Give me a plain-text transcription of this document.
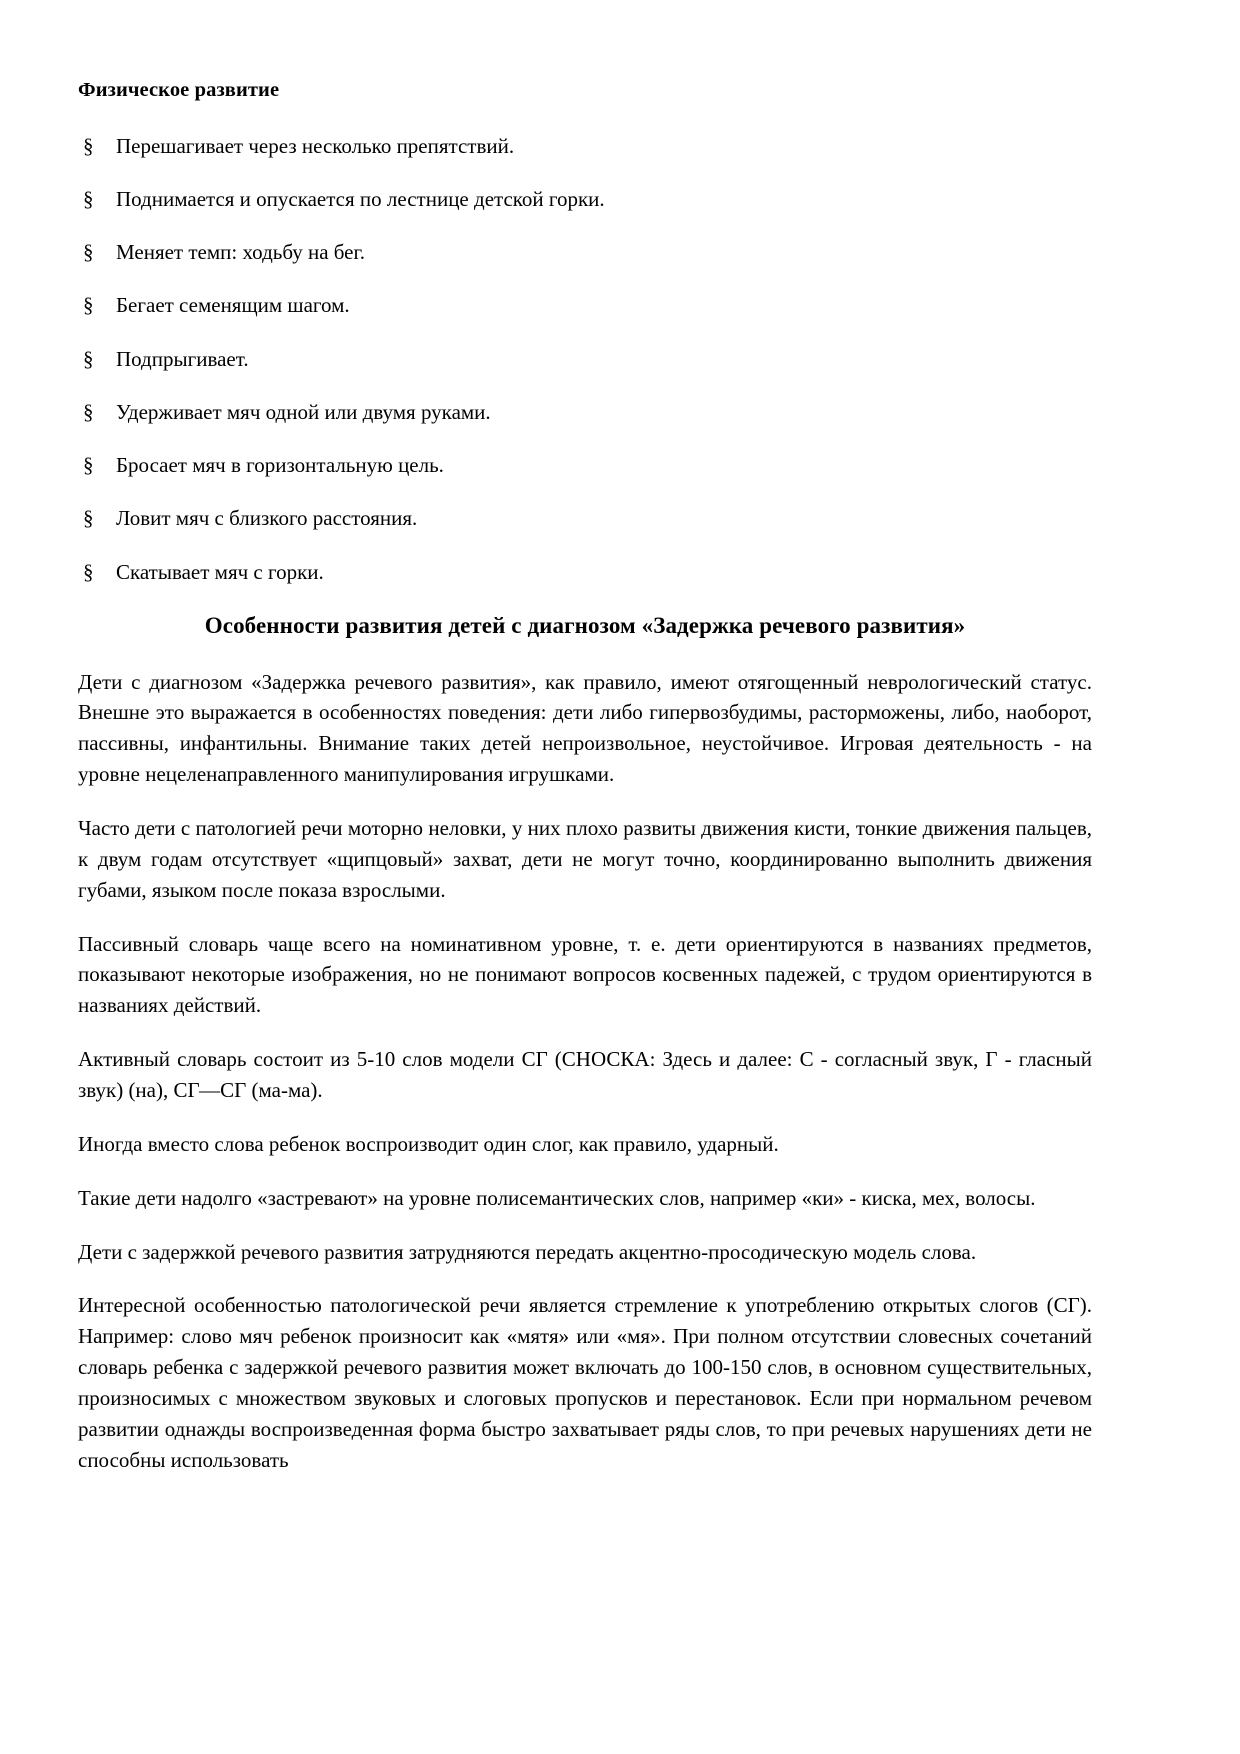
Физическое развитие
§	Перешагивает через несколько препятствий.
§	Поднимается и опускается по лестнице детской горки.
§	Меняет темп: ходьбу на бег.
§	Бегает семенящим шагом.
§	Подпрыгивает.
§	Удерживает мяч одной или двумя руками.
§	Бросает мяч в горизонтальную цель.
§	Ловит мяч с близкого расстояния.
§	Скатывает мяч с горки.
Особенности развития детей с диагнозом «Задержка речевого развития»

Дети с диагнозом «Задержка речевого развития», как правило, имеют отягощенный неврологический статус. Внешне это выражается в особенностях поведения: дети либо гипервозбудимы, расторможены, либо, наоборот, пассивны, инфантильны. Внимание таких детей непроизвольное, неустойчивое. Игровая деятельность - на уровне нецеленаправленного манипулирования игрушками.

Часто дети с патологией речи моторно неловки, у них плохо развиты движения кисти, тонкие движения пальцев, к двум годам отсутствует «щипцовый» захват, дети не могут точно, координированно выполнить движения губами, языком после показа взрослыми.

Пассивный словарь чаще всего на номинативном уровне, т. е. дети ориентируются в названиях предметов, показывают некоторые изображения, но не понимают вопросов косвенных падежей, с трудом ориентируются в названиях действий.

Активный словарь состоит из 5-10 слов модели СГ (СНОСКА: Здесь и далее: С - согласный звук, Г - гласный звук) (на), СГ—СГ (ма-ма).

Иногда вместо слова ребенок воспроизводит один слог, как правило, ударный.

Такие дети надолго «застревают» на уровне полисемантических слов, например «ки» - киска, мех, волосы.

Дети с задержкой речевого развития затрудняются передать акцентно-просодическую модель слова.

Интересной особенностью патологической речи является стремление к употреблению открытых слогов (СГ). Например: слово мяч ребенок произносит как «мятя» или «мя». При полном отсутствии словесных сочетаний словарь ребенка с задержкой речевого развития может включать до 100-150 слов, в основном существительных, произносимых с множеством звуковых и слоговых пропусков и перестановок. Если при нормальном речевом развитии однажды воспроизведенная форма быстро захватывает ряды слов, то при речевых нарушениях дети не способны использовать
